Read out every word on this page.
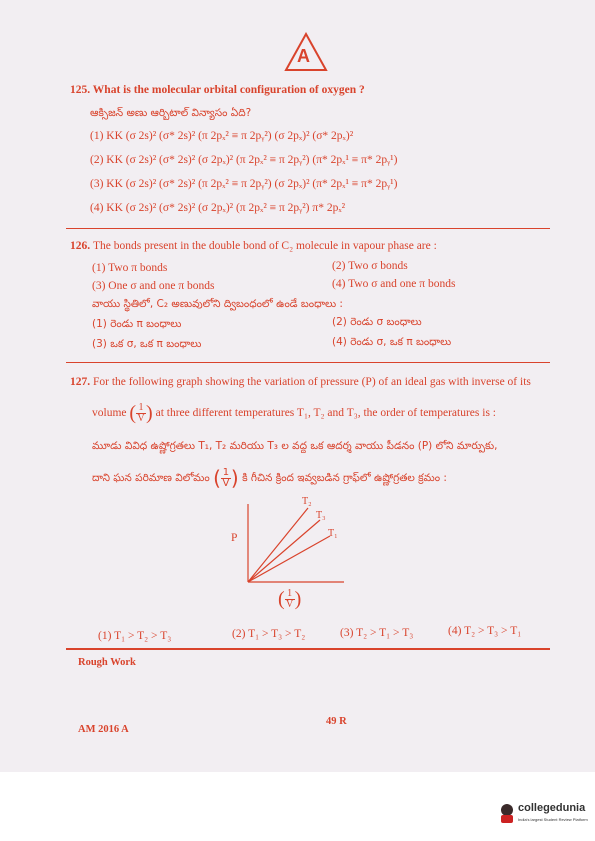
A
125. What is the molecular orbital configuration of oxygen ?
ఆక్సిజన్ అణు ఆర్బిటాల్ విన్యాసం ఏది?
(1) KK (σ 2s)² (σ* 2s)² (π 2pₓ² ≡ π 2pᵧ²) (σ 2pₓ)² (σ* 2pₓ)²
(2) KK (σ 2s)² (σ* 2s)² (σ 2pₓ)² (π 2pₓ² ≡ π 2pᵧ²) (π* 2pₓ¹ ≡ π* 2pᵧ¹)
(3) KK (σ 2s)² (σ* 2s)² (π 2pₓ² ≡ π 2pᵧ²) (σ 2pₓ)² (π* 2pₓ¹ ≡ π* 2pᵧ¹)
(4) KK (σ 2s)² (σ* 2s)² (σ 2pₓ)² (π 2pₓ² ≡ π 2pᵧ²) π* 2pₓ²
126. The bonds present in the double bond of C₂ molecule in vapour phase are :
(1) Two π bonds	(2) Two σ bonds
(3) One σ and one π bonds	(4) Two σ and one π bonds
వాయు స్థితిలో, C₂ అణువులోని ద్విబంధంలో ఉండే బంధాలు :
(1) రెండు π బంధాలు	(2) రెండు σ బంధాలు
(3) ఒక σ, ఒక π బంధాలు	(4) రెండు σ, ఒక π బంధాలు
127. For the following graph showing the variation of pressure (P) of an ideal gas with inverse of its
volume ( $\frac{1}{V}$ ) at three different temperatures T₁, T₂ and T₃, the order of temperatures is :
మూడు వివిధ ఉష్ణోగ్రతలు T₁, T₂ మరియు T₃ ల వద్ద ఒక ఆదర్శ వాయు పీడనం (P) లోని మార్పుకు,
దాని ఘన పరిమాణ విలోమం ( $\frac{1}{V}$ ) కి గీచిన క్రింద ఇవ్వబడిన గ్రాఫ్‌లో ఉష్ణోగ్రతల క్రమం :
P
T₂
T₃
T₁
( $\frac{1}{V}$ )
(1) T₁ > T₂ > T₃	(2) T₁ > T₃ > T₂	(3) T₂ > T₁ > T₃	(4) T₂ > T₃ > T₁
Rough Work
AM 2016 A
49 R
collegedunia
India's largest Student Review Platform
